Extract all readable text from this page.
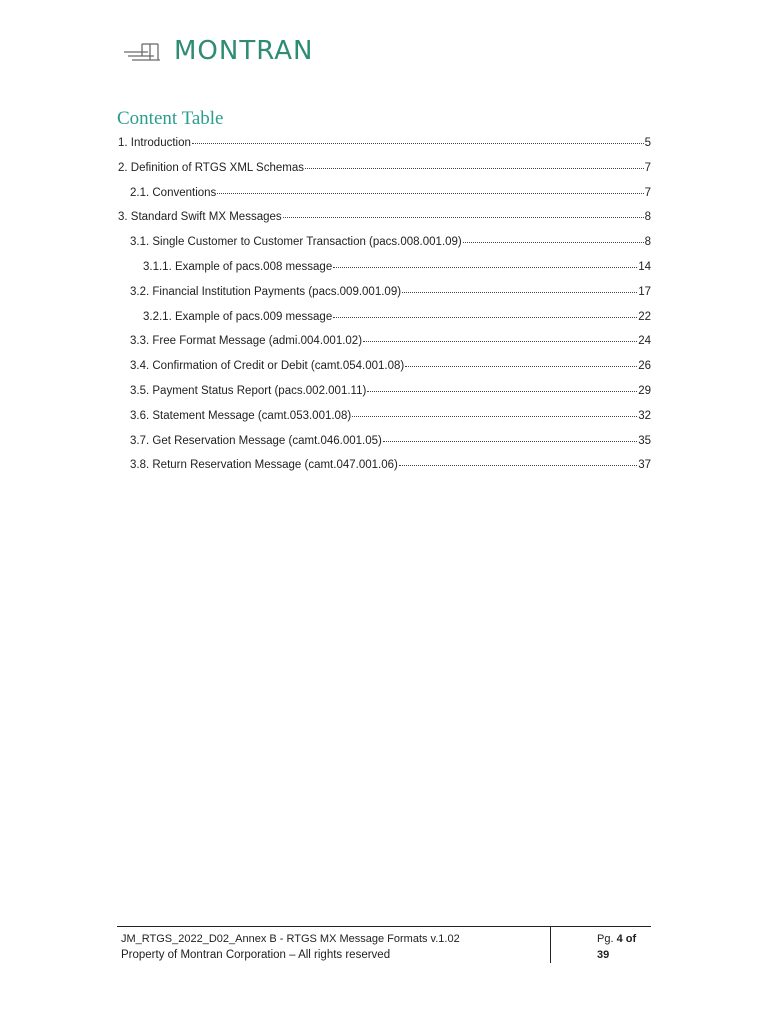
MONTRAN
Content Table
1. Introduction	5
2. Definition of RTGS XML Schemas	7
2.1. Conventions	7
3. Standard Swift MX Messages	8
3.1. Single Customer to Customer Transaction (pacs.008.001.09)	8
3.1.1. Example of pacs.008 message	14
3.2. Financial Institution Payments (pacs.009.001.09)	17
3.2.1. Example of pacs.009 message	22
3.3. Free Format Message (admi.004.001.02)	24
3.4. Confirmation of Credit or Debit (camt.054.001.08)	26
3.5. Payment Status Report (pacs.002.001.11)	29
3.6. Statement Message (camt.053.001.08)	32
3.7. Get Reservation Message (camt.046.001.05)	35
3.8. Return Reservation Message (camt.047.001.06)	37
JM_RTGS_2022_D02_Annex B - RTGS MX Message Formats v.1.02
Property of Montran Corporation – All rights reserved
Pg. 4 of 39
